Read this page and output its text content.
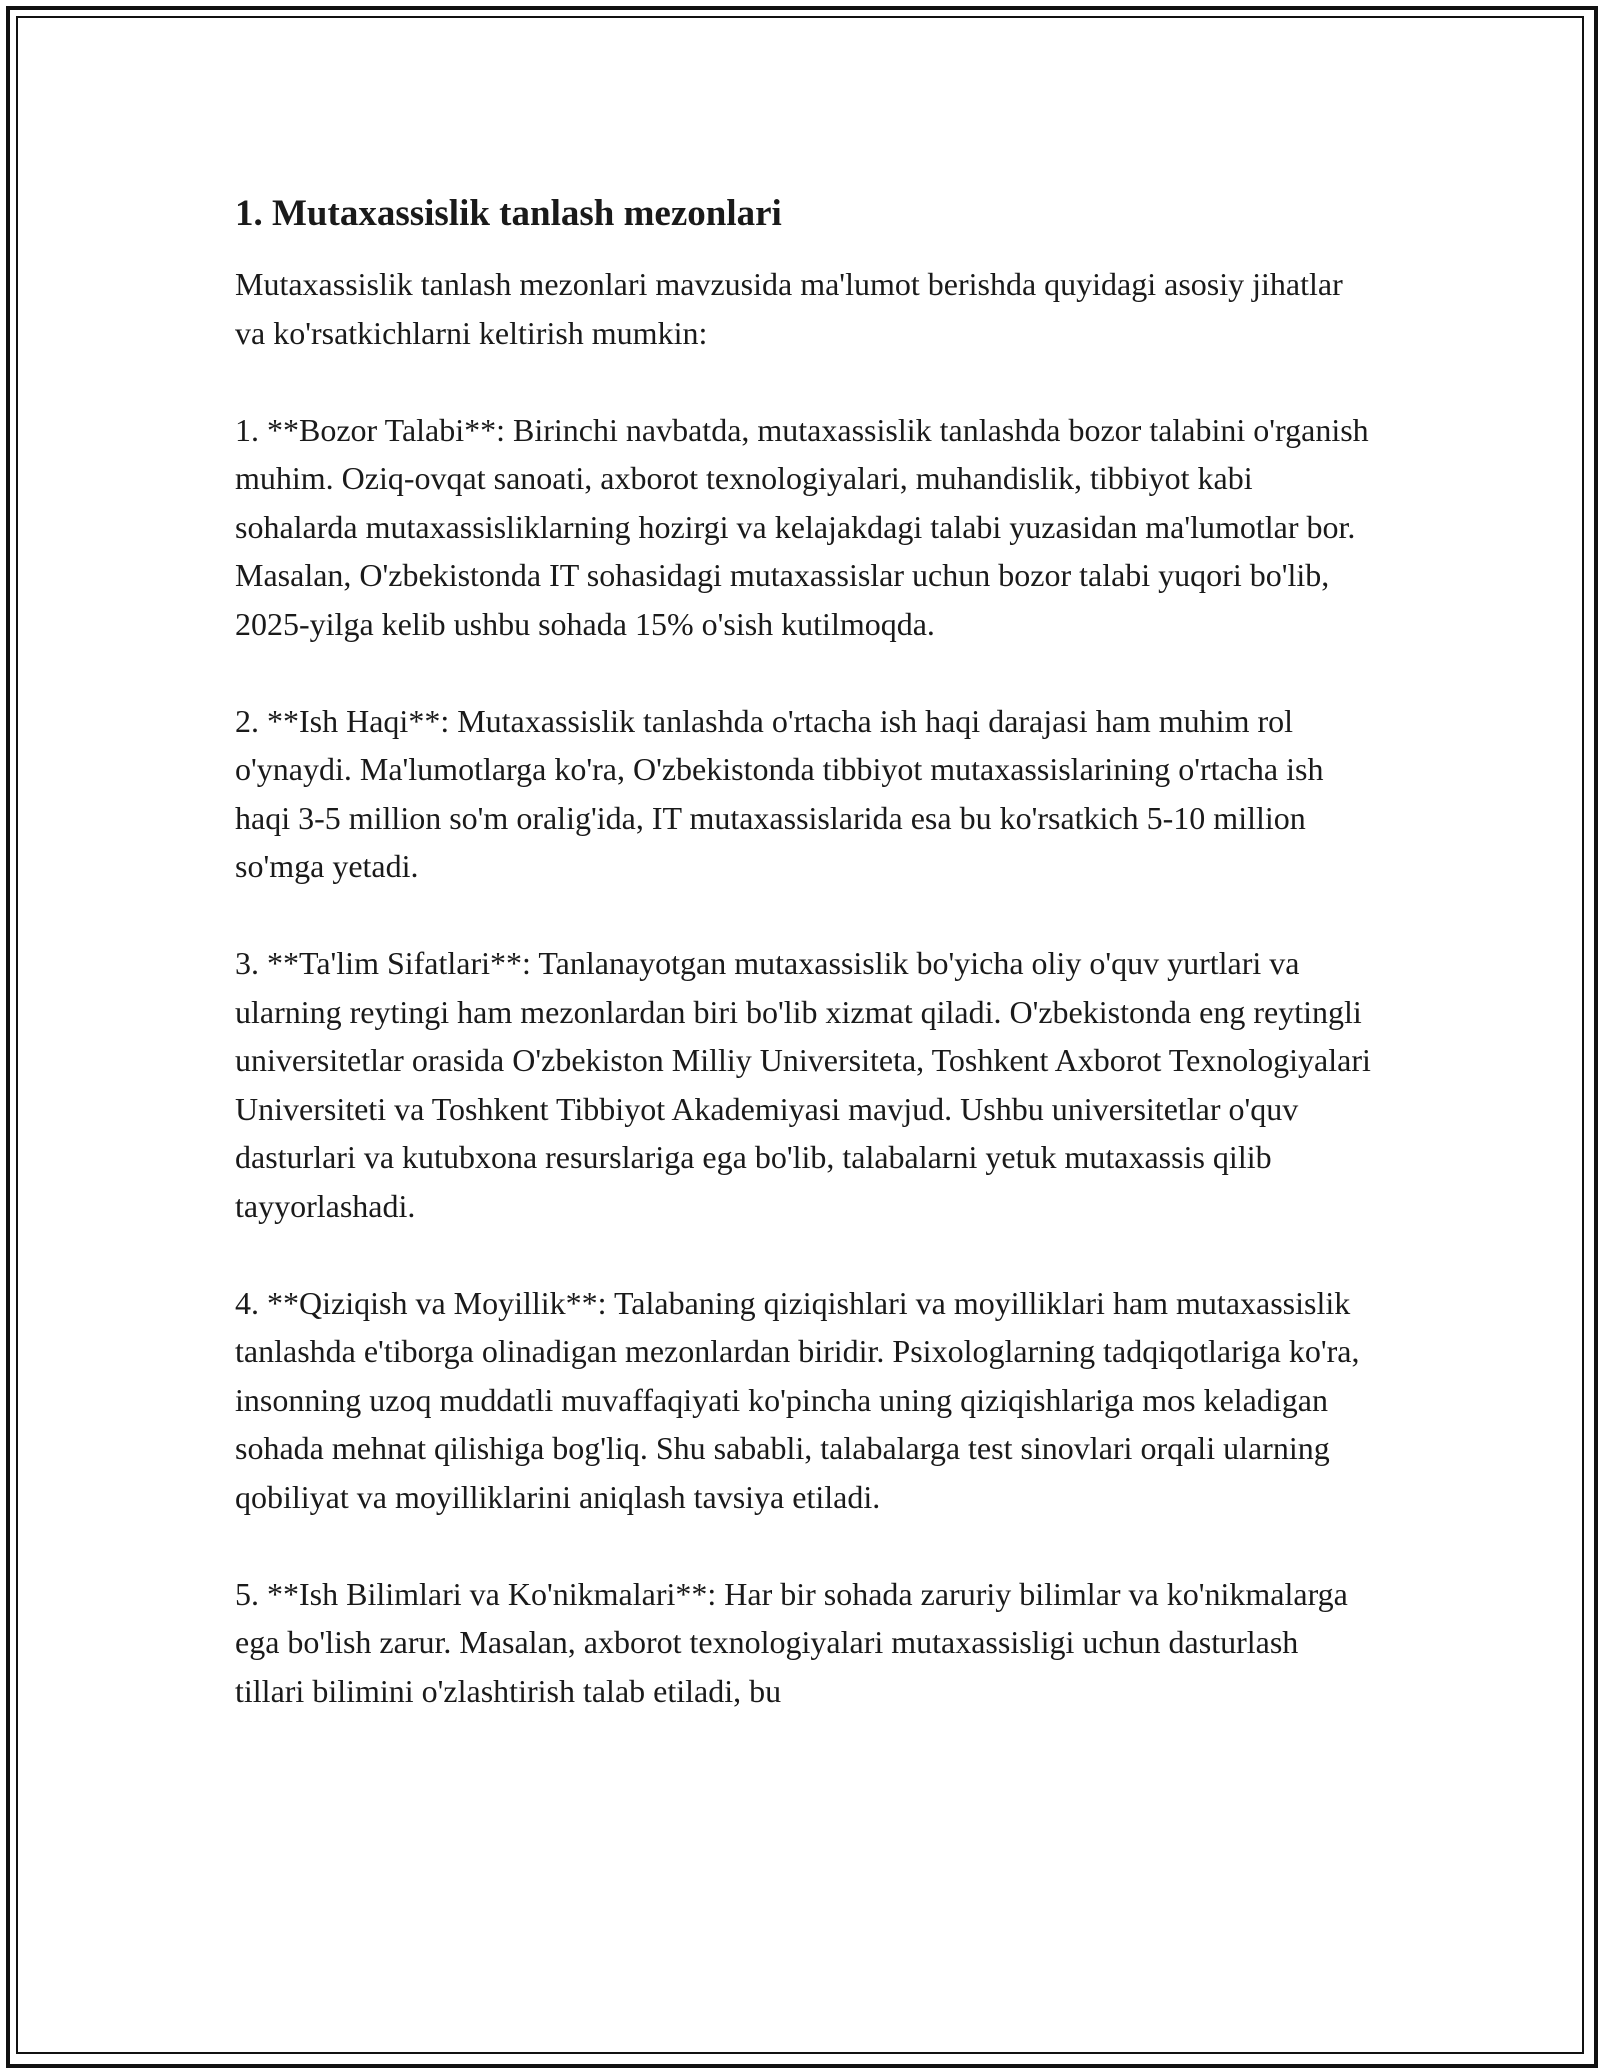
1. Mutaxassislik tanlash mezonlari

Mutaxassislik tanlash mezonlari mavzusida ma'lumot berishda quyidagi asosiy jihatlar va ko'rsatkichlarni keltirish mumkin:

1. **Bozor Talabi**: Birinchi navbatda, mutaxassislik tanlashda bozor talabini o'rganish muhim. Oziq-ovqat sanoati, axborot texnologiyalari, muhandislik, tibbiyot kabi sohalarda mutaxassisliklarning hozirgi va kelajakdagi talabi yuzasidan ma'lumotlar bor. Masalan, O'zbekistonda IT sohasidagi mutaxassislar uchun bozor talabi yuqori bo'lib, 2025-yilga kelib ushbu sohada 15% o'sish kutilmoqda.

2. **Ish Haqi**: Mutaxassislik tanlashda o'rtacha ish haqi darajasi ham muhim rol o'ynaydi. Ma'lumotlarga ko'ra, O'zbekistonda tibbiyot mutaxassislarining o'rtacha ish haqi 3-5 million so'm oralig'ida, IT mutaxassislarida esa bu ko'rsatkich 5-10 million so'mga yetadi.

3. **Ta'lim Sifatlari**: Tanlanayotgan mutaxassislik bo'yicha oliy o'quv yurtlari va ularning reytingi ham mezonlardan biri bo'lib xizmat qiladi. O'zbekistonda eng reytingli universitetlar orasida O'zbekiston Milliy Universiteta, Toshkent Axborot Texnologiyalari Universiteti va Toshkent Tibbiyot Akademiyasi mavjud. Ushbu universitetlar o'quv dasturlari va kutubxona resurslariga ega bo'lib, talabalarni yetuk mutaxassis qilib tayyorlashadi.

4. **Qiziqish va Moyillik**: Talabaning qiziqishlari va moyilliklari ham mutaxassislik tanlashda e'tiborga olinadigan mezonlardan biridir. Psixologlarning tadqiqotlariga ko'ra, insonning uzoq muddatli muvaffaqiyati ko'pincha uning qiziqishlariga mos keladigan sohada mehnat qilishiga bog'liq. Shu sababli, talabalarga test sinovlari orqali ularning qobiliyat va moyilliklarini aniqlash tavsiya etiladi.

5. **Ish Bilimlari va Ko'nikmalari**: Har bir sohada zaruriy bilimlar va ko'nikmalarga ega bo'lish zarur. Masalan, axborot texnologiyalari mutaxassisligi uchun dasturlash tillari bilimini o'zlashtirish talab etiladi, bu
